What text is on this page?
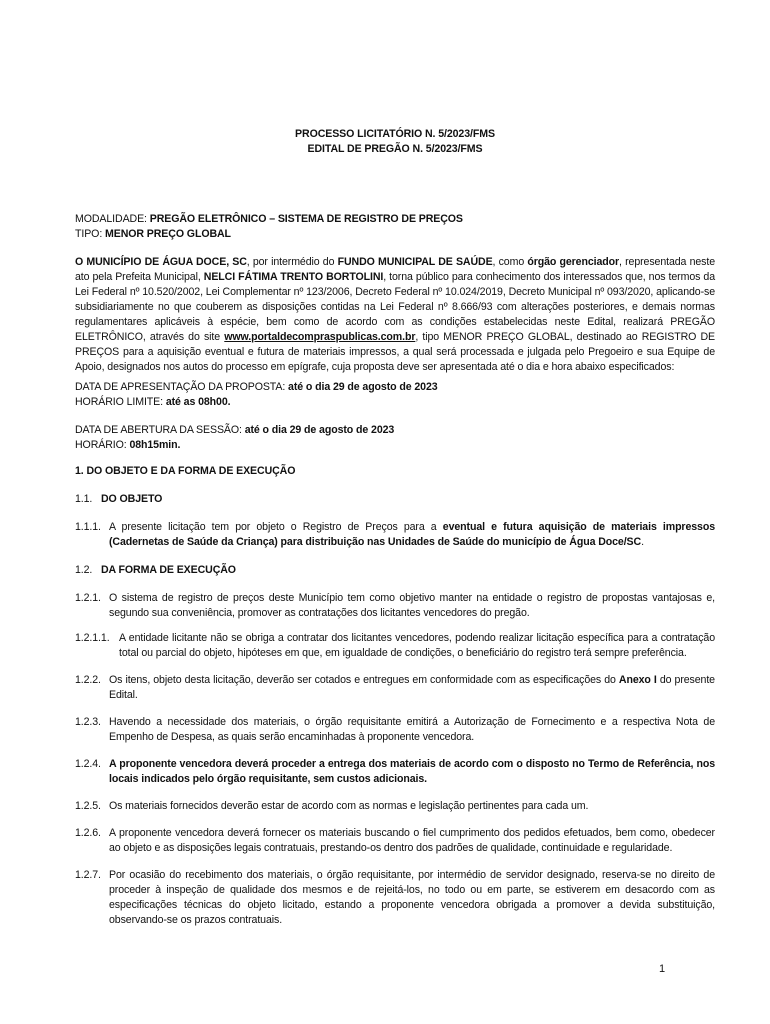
PROCESSO LICITATÓRIO N. 5/2023/FMS
EDITAL DE PREGÃO N. 5/2023/FMS
MODALIDADE: PREGÃO ELETRÔNICO – SISTEMA DE REGISTRO DE PREÇOS
TIPO: MENOR PREÇO GLOBAL

O MUNICÍPIO DE ÁGUA DOCE, SC, por intermédio do FUNDO MUNICIPAL DE SAÚDE, como órgão gerenciador, representada neste ato pela Prefeita Municipal, NELCI FÁTIMA TRENTO BORTOLINI, torna público para conhecimento dos interessados que, nos termos da Lei Federal nº 10.520/2002, Lei Complementar nº 123/2006, Decreto Federal nº 10.024/2019, Decreto Municipal nº 093/2020, aplicando-se subsidiariamente no que couberem as disposições contidas na Lei Federal nº 8.666/93 com alterações posteriores, e demais normas regulamentares aplicáveis à espécie, bem como de acordo com as condições estabelecidas neste Edital, realizará PREGÃO ELETRÔNICO, através do site www.portaldecompraspublicas.com.br, tipo MENOR PREÇO GLOBAL, destinado ao REGISTRO DE PREÇOS para a aquisição eventual e futura de materiais impressos, a qual será processada e julgada pelo Pregoeiro e sua Equipe de Apoio, designados nos autos do processo em epígrafe, cuja proposta deve ser apresentada até o dia e hora abaixo especificados:

DATA DE APRESENTAÇÃO DA PROPOSTA: até o dia 29 de agosto de 2023
HORÁRIO LIMITE: até as 08h00.
DATA DE ABERTURA DA SESSÃO: até o dia 29 de agosto de 2023
HORÁRIO: 08h15min.
1. DO OBJETO E DA FORMA DE EXECUÇÃO
1.1. DO OBJETO
1.1.1. A presente licitação tem por objeto o Registro de Preços para a eventual e futura aquisição de materiais impressos (Cadernetas de Saúde da Criança) para distribuição nas Unidades de Saúde do município de Água Doce/SC.

1.2. DA FORMA DE EXECUÇÃO
1.2.1. O sistema de registro de preços deste Município tem como objetivo manter na entidade o registro de propostas vantajosas e, segundo sua conveniência, promover as contratações dos licitantes vencedores do pregão.

1.2.1.1. A entidade licitante não se obriga a contratar dos licitantes vencedores, podendo realizar licitação específica para a contratação total ou parcial do objeto, hipóteses em que, em igualdade de condições, o beneficiário do registro terá sempre preferência.

1.2.2. Os itens, objeto desta licitação, deverão ser cotados e entregues em conformidade com as especificações do Anexo I do presente Edital.

1.2.3. Havendo a necessidade dos materiais, o órgão requisitante emitirá a Autorização de Fornecimento e a respectiva Nota de Empenho de Despesa, as quais serão encaminhadas à proponente vencedora.

1.2.4. A proponente vencedora deverá proceder a entrega dos materiais de acordo com o disposto no Termo de Referência, nos locais indicados pelo órgão requisitante, sem custos adicionais.

1.2.5. Os materiais fornecidos deverão estar de acordo com as normas e legislação pertinentes para cada um.

1.2.6. A proponente vencedora deverá fornecer os materiais buscando o fiel cumprimento dos pedidos efetuados, bem como, obedecer ao objeto e as disposições legais contratuais, prestando-os dentro dos padrões de qualidade, continuidade e regularidade.

1.2.7. Por ocasião do recebimento dos materiais, o órgão requisitante, por intermédio de servidor designado, reserva-se no direito de proceder à inspeção de qualidade dos mesmos e de rejeitá-los, no todo ou em parte, se estiverem em desacordo com as especificações técnicas do objeto licitado, estando a proponente vencedora obrigada a promover a devida substituição, observando-se os prazos contratuais.

1
